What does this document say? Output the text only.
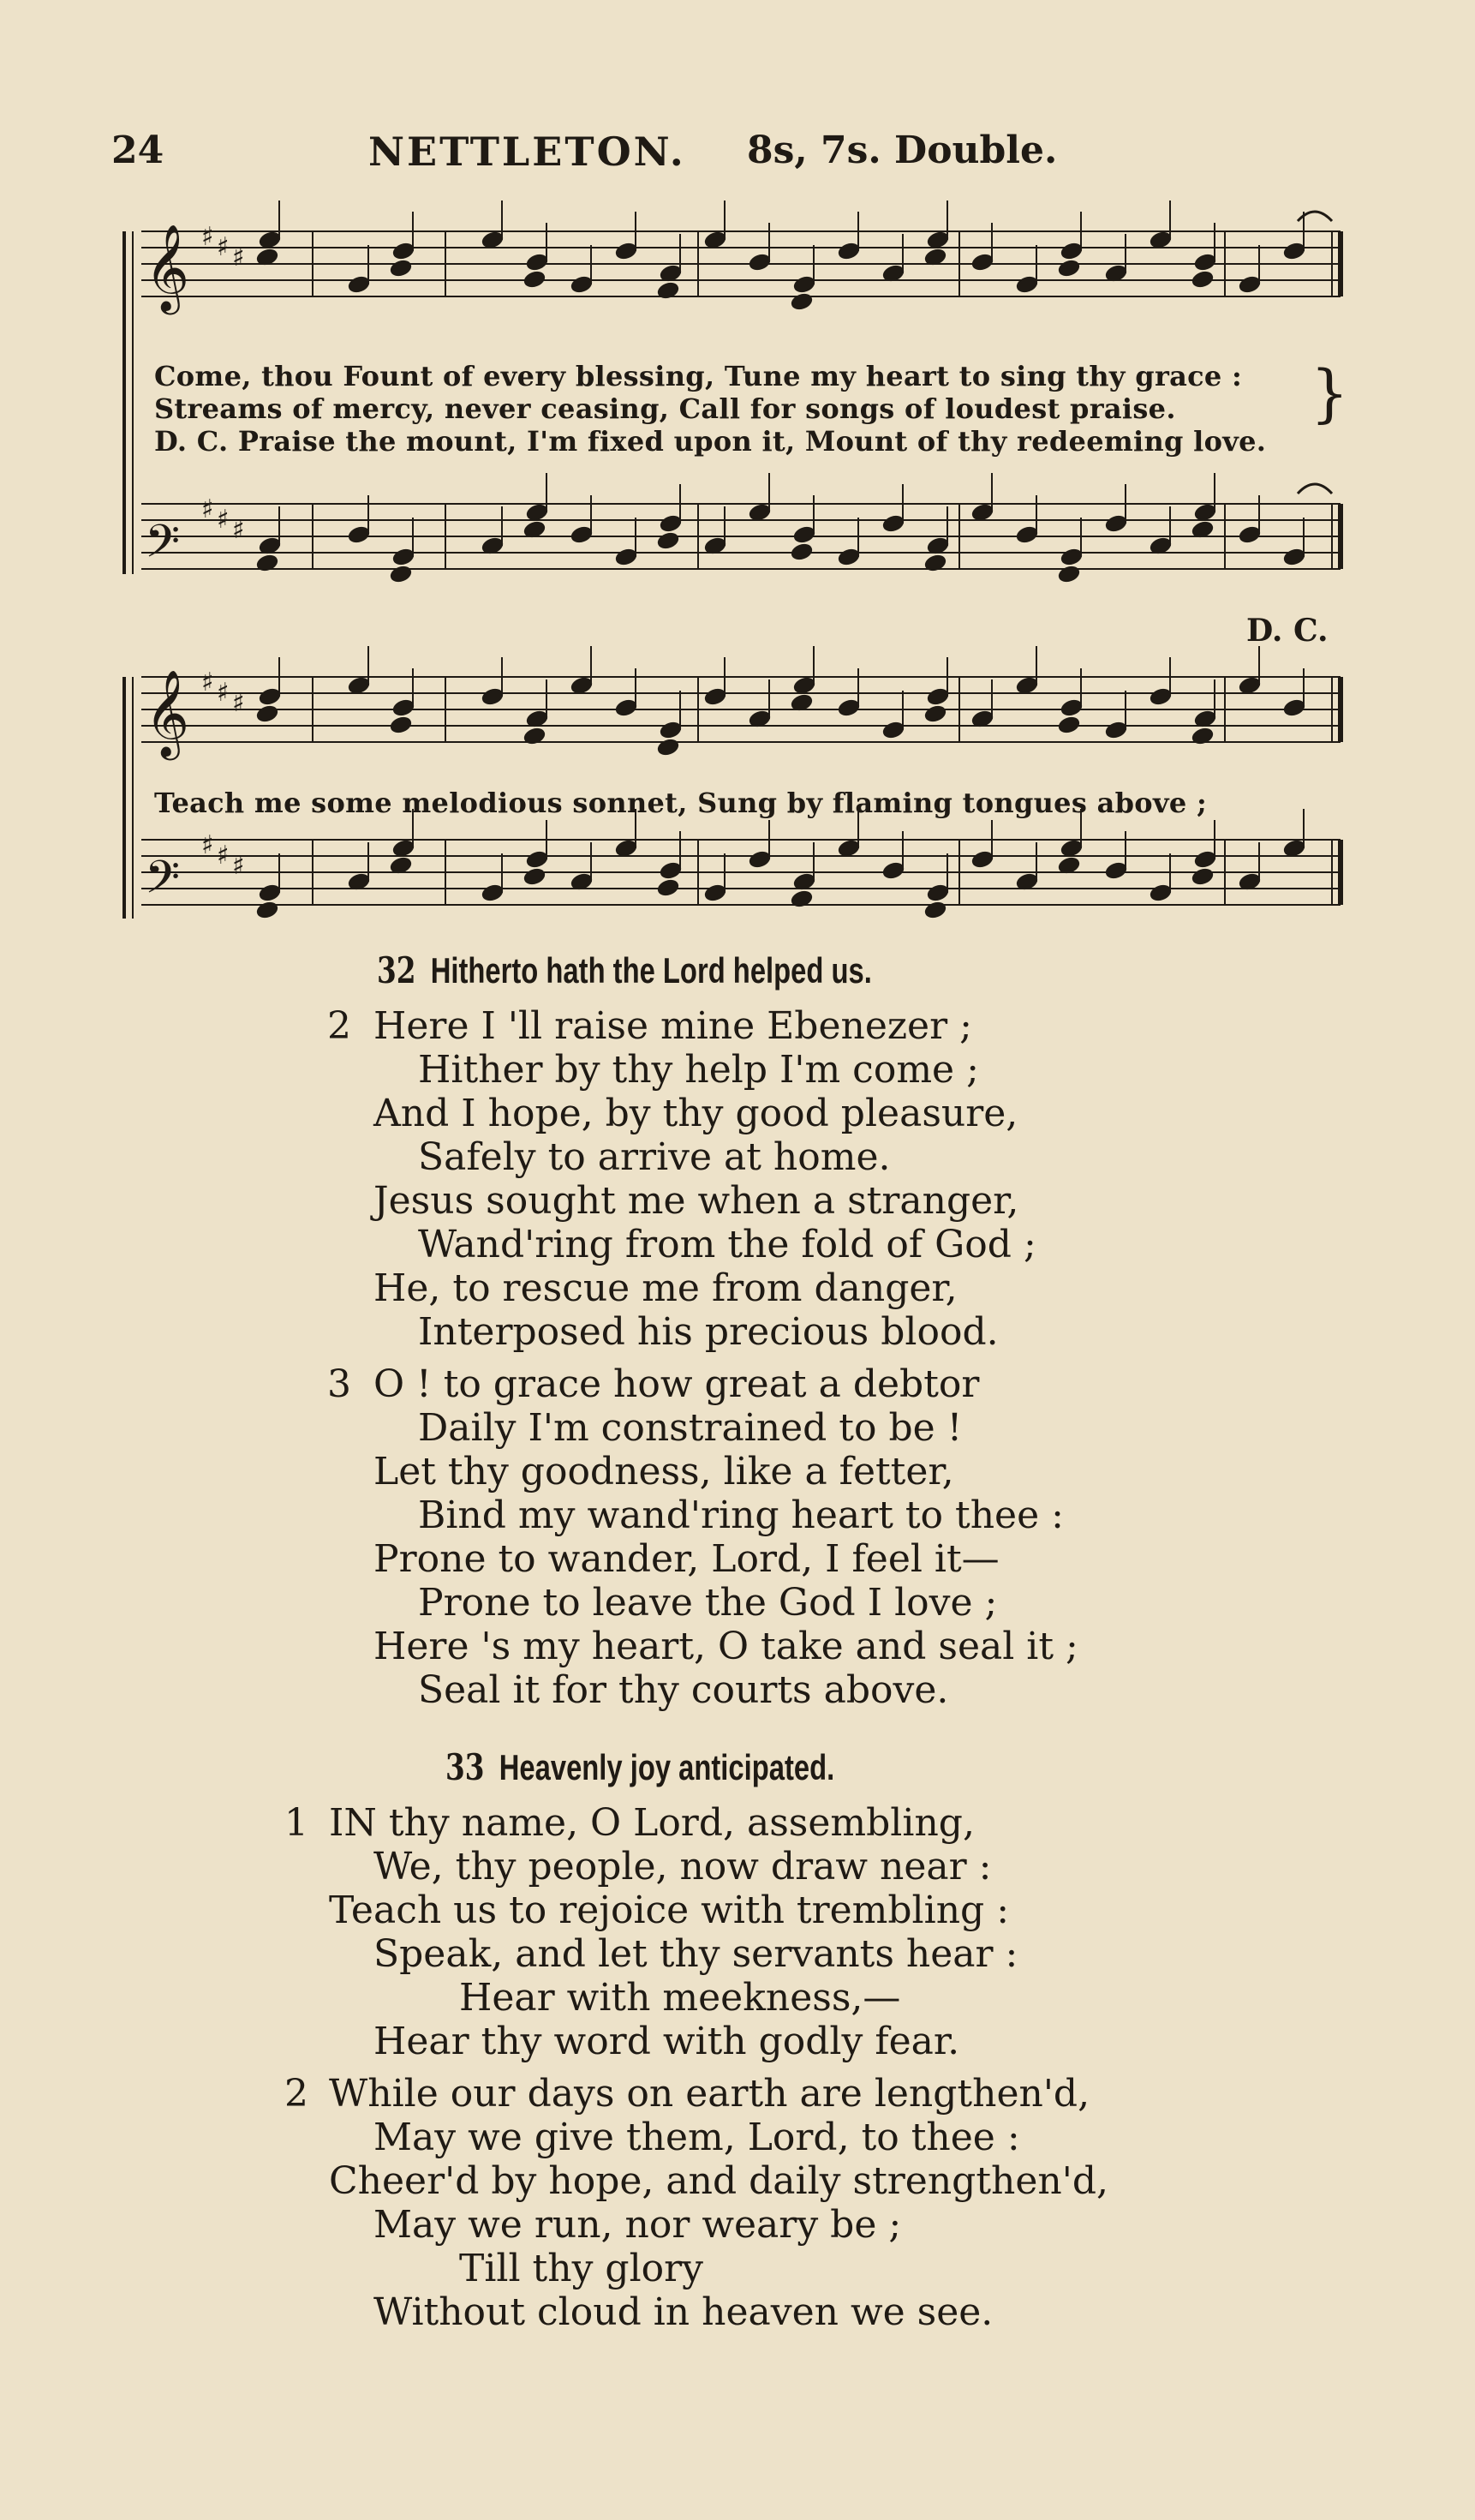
24	NETTLETON. 8s, 7s. Double.
𝄞 ♯ ♯ ♯
𝄢
♯ ♯ ♯
𝄞 ♯ ♯ ♯
𝄢
♯ ♯ ♯
Come, thou Fount of every blessing, Tune my heart to sing thy grace :
Streams of mercy, never ceasing, Call for songs of loudest praise.
D. C. Praise the mount, I'm fixed upon it, Mount of thy redeeming love.
}
D. C.
Teach me some melodious sonnet, Sung by flaming tongues above ;
32 Hitherto hath the Lord helped us.
2 Here I 'll raise mine Ebenezer ;
Hither by thy help I'm come ;
And I hope, by thy good pleasure,
Safely to arrive at home.
Jesus sought me when a stranger,
Wand'ring from the fold of God ;
He, to rescue me from danger,
Interposed his precious blood.
3 O ! to grace how great a debtor
Daily I'm constrained to be !
Let thy goodness, like a fetter,
Bind my wand'ring heart to thee :
Prone to wander, Lord, I feel it—
Prone to leave the God I love ;
Here 's my heart, O take and seal it ;
Seal it for thy courts above.
33 Heavenly joy anticipated.
1 IN thy name, O Lord, assembling,
We, thy people, now draw near :
Teach us to rejoice with trembling :
Speak, and let thy servants hear :
Hear with meekness,—
Hear thy word with godly fear.
2 While our days on earth are lengthen'd,
May we give them, Lord, to thee :
Cheer'd by hope, and daily strengthen'd,
May we run, nor weary be ;
Till thy glory
Without cloud in heaven we see.
